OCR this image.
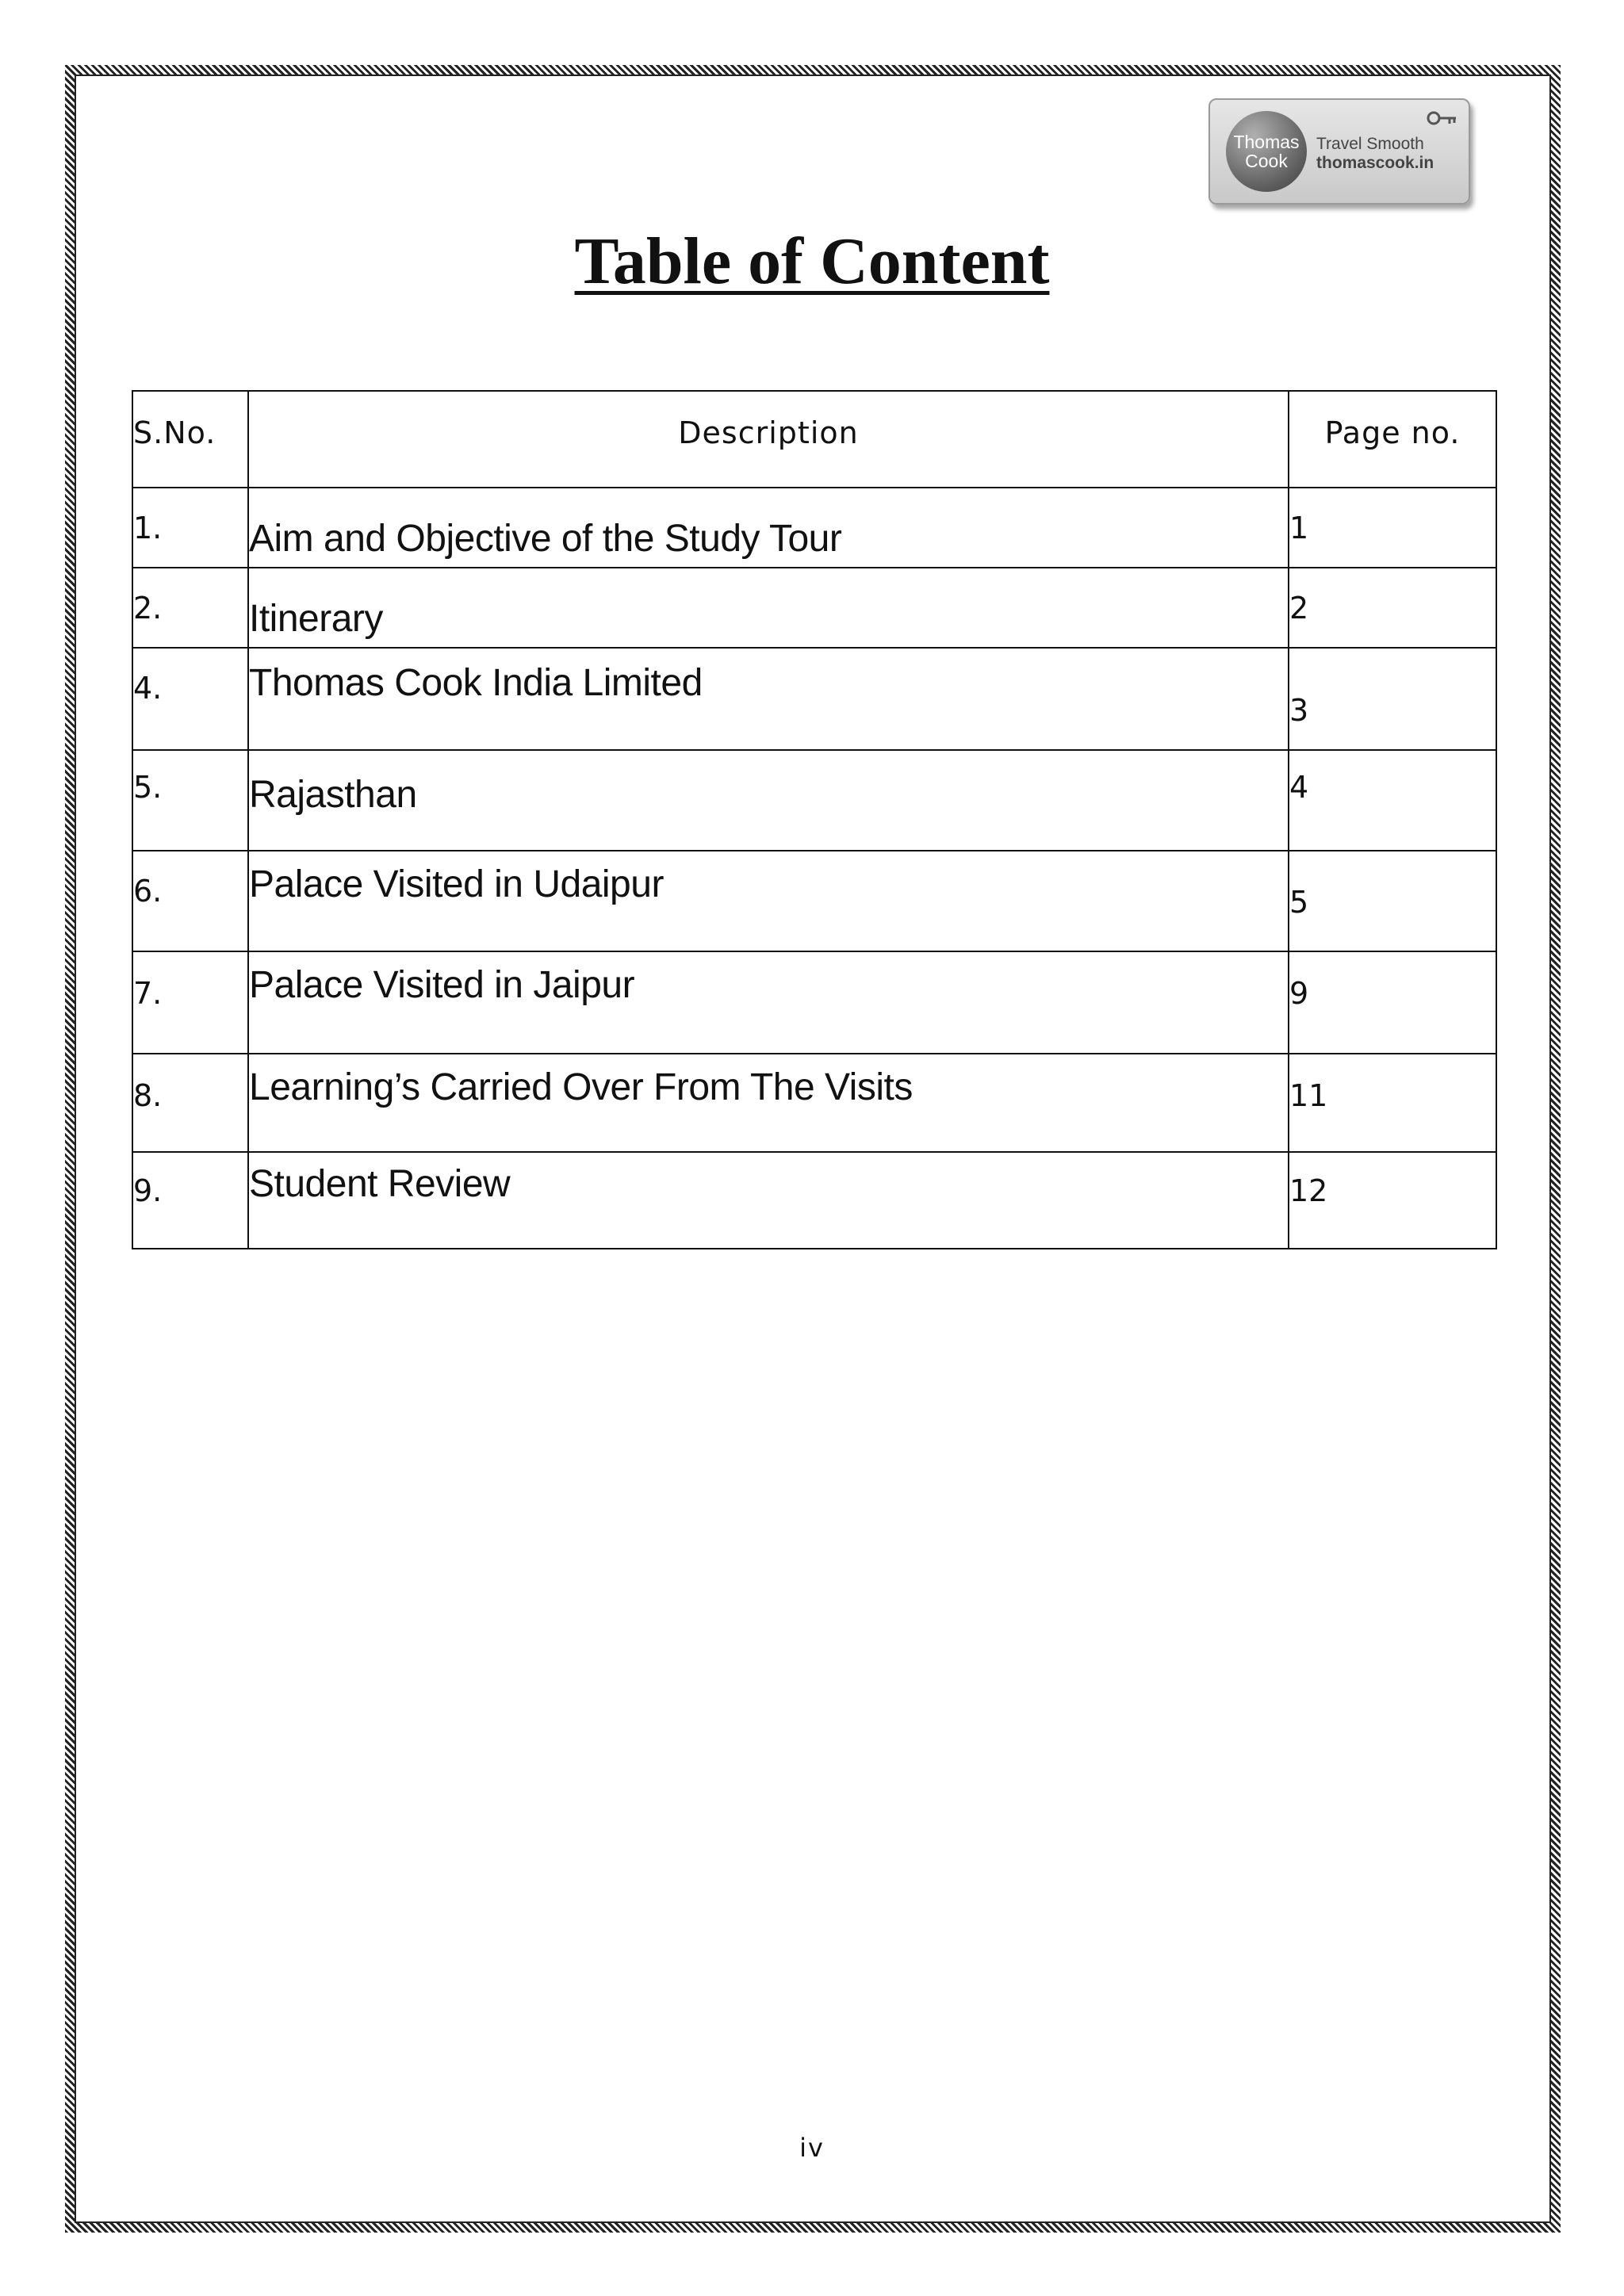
Thomas
Cook
Travel Smooth
thomascook.in
Table of Content
S.No.	Description	Page no.
1.	Aim and Objective of the Study Tour	1
2.	Itinerary	2
4.	Thomas Cook India Limited	3
5.	Rajasthan	4
6.	Palace Visited in Udaipur	5
7.	Palace Visited in Jaipur	9
8.	Learning’s Carried Over From The Visits	11
9.	Student Review	12
iv
